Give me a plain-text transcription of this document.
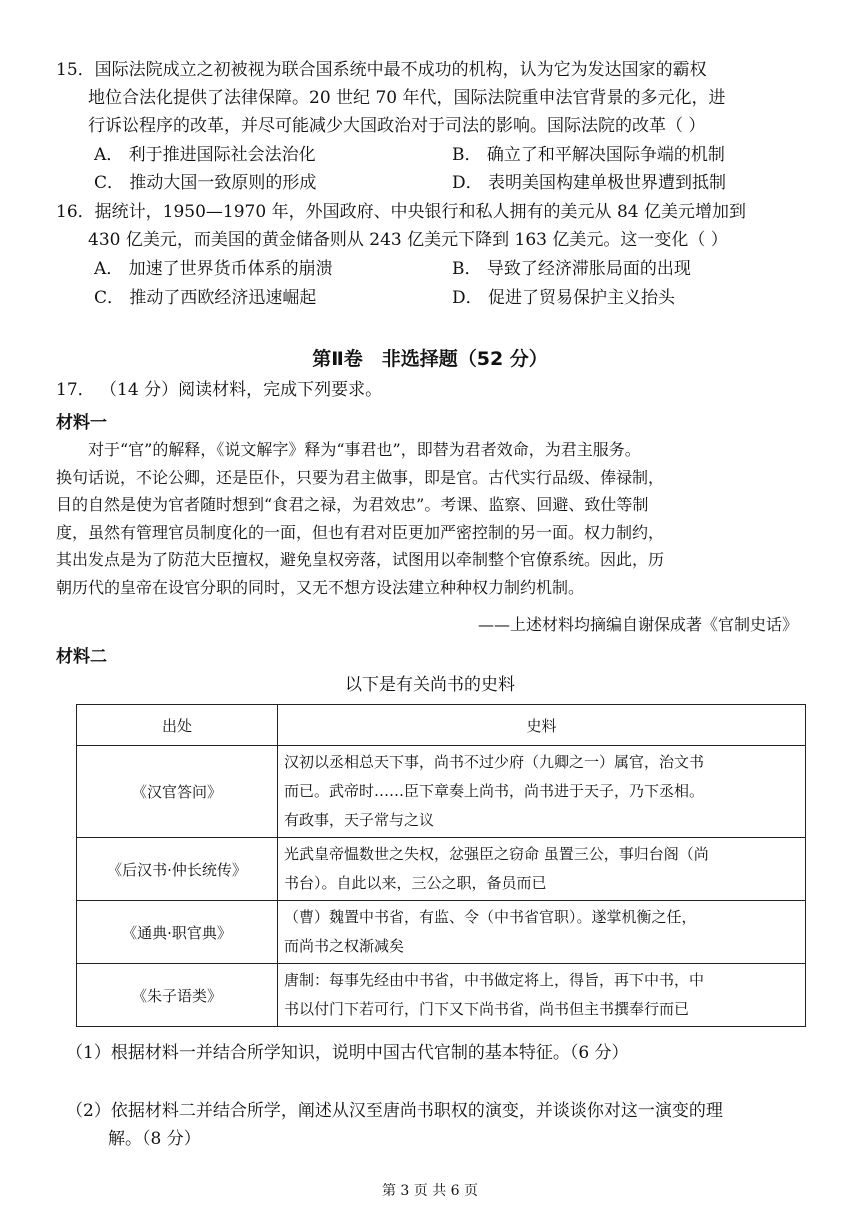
15．国际法院成立之初被视为联合国系统中最不成功的机构，认为它为发达国家的霸权
地位合法化提供了法律保障。20 世纪 70 年代，国际法院重申法官背景的多元化，进
行诉讼程序的改革，并尽可能减少大国政治对于司法的影响。国际法院的改革（ ）
A． 利于推进国际社会法治化	B． 确立了和平解决国际争端的机制
C． 推动大国一致原则的形成	D． 表明美国构建单极世界遭到抵制
16．据统计，1950—1970 年，外国政府、中央银行和私人拥有的美元从 84 亿美元增加到
430 亿美元，而美国的黄金储备则从 243 亿美元下降到 163 亿美元。这一变化（ ）
A． 加速了世界货币体系的崩溃	B． 导致了经济滞胀局面的出现
C． 推动了西欧经济迅速崛起	D． 促进了贸易保护主义抬头
第Ⅱ卷　非选择题（52 分）
17． （14 分）阅读材料，完成下列要求。
材料一
对于“官”的解释，《说文解字》释为“事君也”，即替为君者效命，为君主服务。
换句话说，不论公卿，还是臣仆，只要为君主做事，即是官。古代实行品级、俸禄制，
目的自然是使为官者随时想到“食君之禄，为君效忠”。考课、监察、回避、致仕等制
度，虽然有管理官员制度化的一面，但也有君对臣更加严密控制的另一面。权力制约，
其出发点是为了防范大臣擅权，避免皇权旁落，试图用以牵制整个官僚系统。因此，历
朝历代的皇帝在设官分职的同时，又无不想方设法建立种种权力制约机制。
——上述材料均摘编自谢保成著《官制史话》
材料二
以下是有关尚书的史料
出处	史料
《汉官答问》	汉初以丞相总天下事，尚书不过少府（九卿之一）属官，治文书
而已。武帝时……臣下章奏上尚书，尚书进于天子，乃下丞相。
有政事，天子常与之议

《后汉书·仲长统传》	光武皇帝愠数世之失权，忿强臣之窃命 虽置三公，事归台阁（尚
书台）。自此以来，三公之职，备员而已

《通典·职官典》	（曹）魏置中书省，有监、令（中书省官职）。遂掌机衡之任，
而尚书之权渐减矣

《朱子语类》	唐制：每事先经由中书省，中书做定将上，得旨，再下中书，中
书以付门下若可行，门下又下尚书省，尚书但主书撰奉行而已
（1）根据材料一并结合所学知识，说明中国古代官制的基本特征。（6 分）
（2）依据材料二并结合所学，阐述从汉至唐尚书职权的演变，并谈谈你对这一演变的理
解。（8 分）
第 3 页 共 6 页
